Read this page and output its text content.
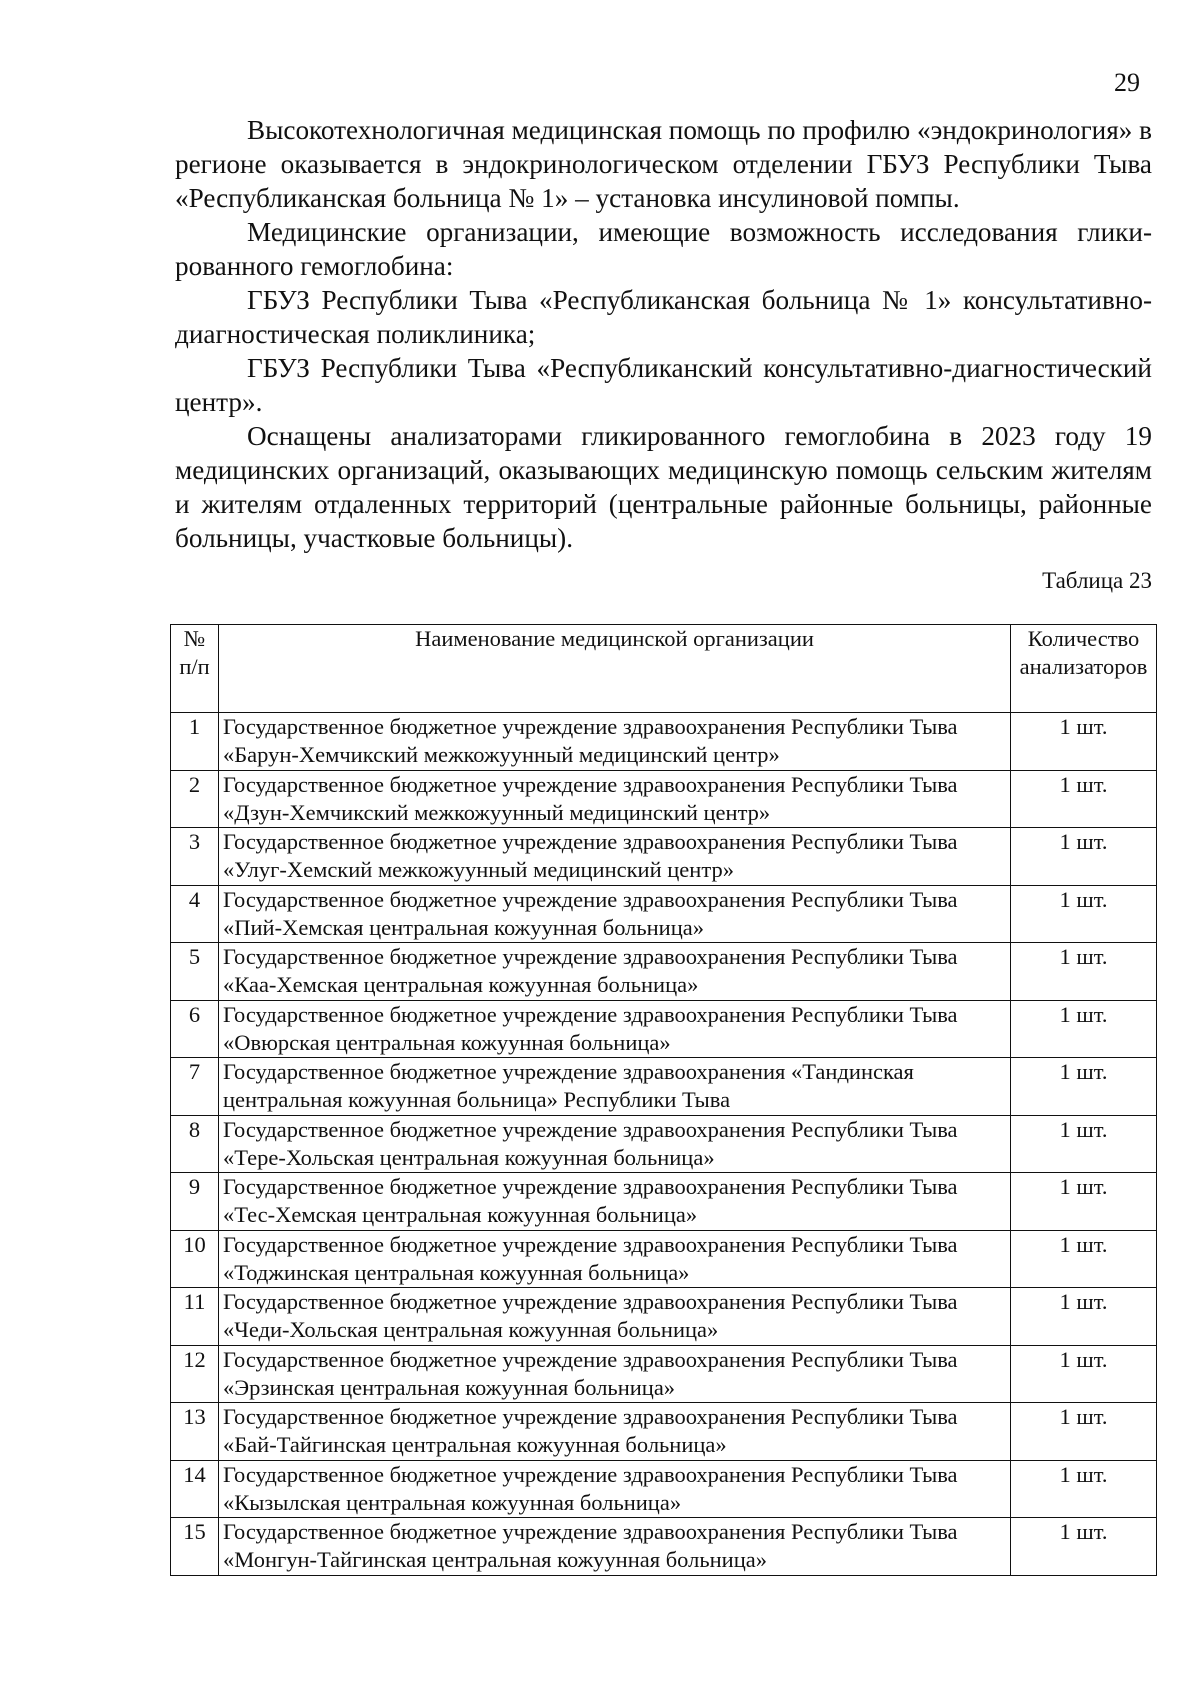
29

Высокотехнологичная медицинская помощь по профилю «эндокринология» в регионе оказывается в эндокринологическом отделении ГБУЗ Республики Тыва «Республиканская больница № 1» – установка инсулиновой помпы.

Медицинские организации, имеющие возможность исследования гликированного гемоглобина:

ГБУЗ Республики Тыва «Республиканская больница № 1» консультативно-диагностическая поликлиника;

ГБУЗ Республики Тыва «Республиканский консультативно-диагностический центр».

Оснащены анализаторами гликированного гемоглобина в 2023 году 19 медицинских организаций, оказывающих медицинскую помощь сельским жителям и жителям отдаленных территорий (центральные районные больницы, районные больницы, участковые больницы).

Таблица 23
№ п/п	Наименование медицинской организации	Количество анализаторов
1	Государственное бюджетное учреждение здравоохранения Республики Тыва «Барун-Хемчикский межкожуунный медицинский центр»	1 шт.
2	Государственное бюджетное учреждение здравоохранения Республики Тыва «Дзун-Хемчикский межкожуунный медицинский центр»	1 шт.
3	Государственное бюджетное учреждение здравоохранения Республики Тыва «Улуг-Хемский межкожуунный медицинский центр»	1 шт.
4	Государственное бюджетное учреждение здравоохранения Республики Тыва «Пий-Хемская центральная кожуунная больница»	1 шт.
5	Государственное бюджетное учреждение здравоохранения Республики Тыва «Каа-Хемская центральная кожуунная больница»	1 шт.
6	Государственное бюджетное учреждение здравоохранения Республики Тыва «Овюрская центральная кожуунная больница»	1 шт.
7	Государственное бюджетное учреждение здравоохранения «Тандинская центральная кожуунная больница» Республики Тыва	1 шт.
8	Государственное бюджетное учреждение здравоохранения Республики Тыва «Тере-Хольская центральная кожуунная больница»	1 шт.
9	Государственное бюджетное учреждение здравоохранения Республики Тыва «Тес-Хемская центральная кожуунная больница»	1 шт.
10	Государственное бюджетное учреждение здравоохранения Республики Тыва «Тоджинская центральная кожуунная больница»	1 шт.
11	Государственное бюджетное учреждение здравоохранения Республики Тыва «Чеди-Хольская центральная кожуунная больница»	1 шт.
12	Государственное бюджетное учреждение здравоохранения Республики Тыва «Эрзинская центральная кожуунная больница»	1 шт.
13	Государственное бюджетное учреждение здравоохранения Республики Тыва «Бай-Тайгинская центральная кожуунная больница»	1 шт.
14	Государственное бюджетное учреждение здравоохранения Республики Тыва «Кызылская центральная кожуунная больница»	1 шт.
15	Государственное бюджетное учреждение здравоохранения Республики Тыва «Монгун-Тайгинская центральная кожуунная больница»	1 шт.
